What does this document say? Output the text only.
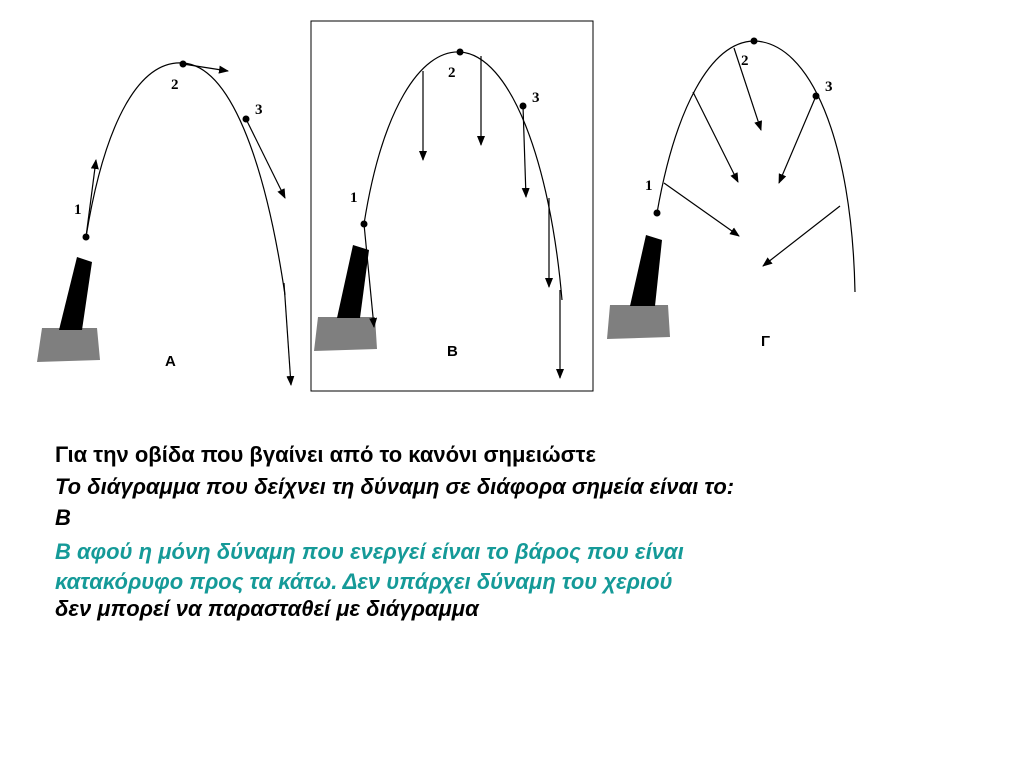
1
2
3
Α
1
2
3
Β
1
2
3
Γ

Για την οβίδα που βγαίνει από το κανόνι σημειώστε

Το διάγραμμα που δείχνει τη δύναμη σε διάφορα σημεία είναι το:

Β

Β αφού η μόνη δύναμη που ενεργεί είναι το βάρος που είναι

κατακόρυφο προς τα κάτω. Δεν υπάρχει δύναμη του χεριού

δεν μπορεί να παρασταθεί με διάγραμμα
